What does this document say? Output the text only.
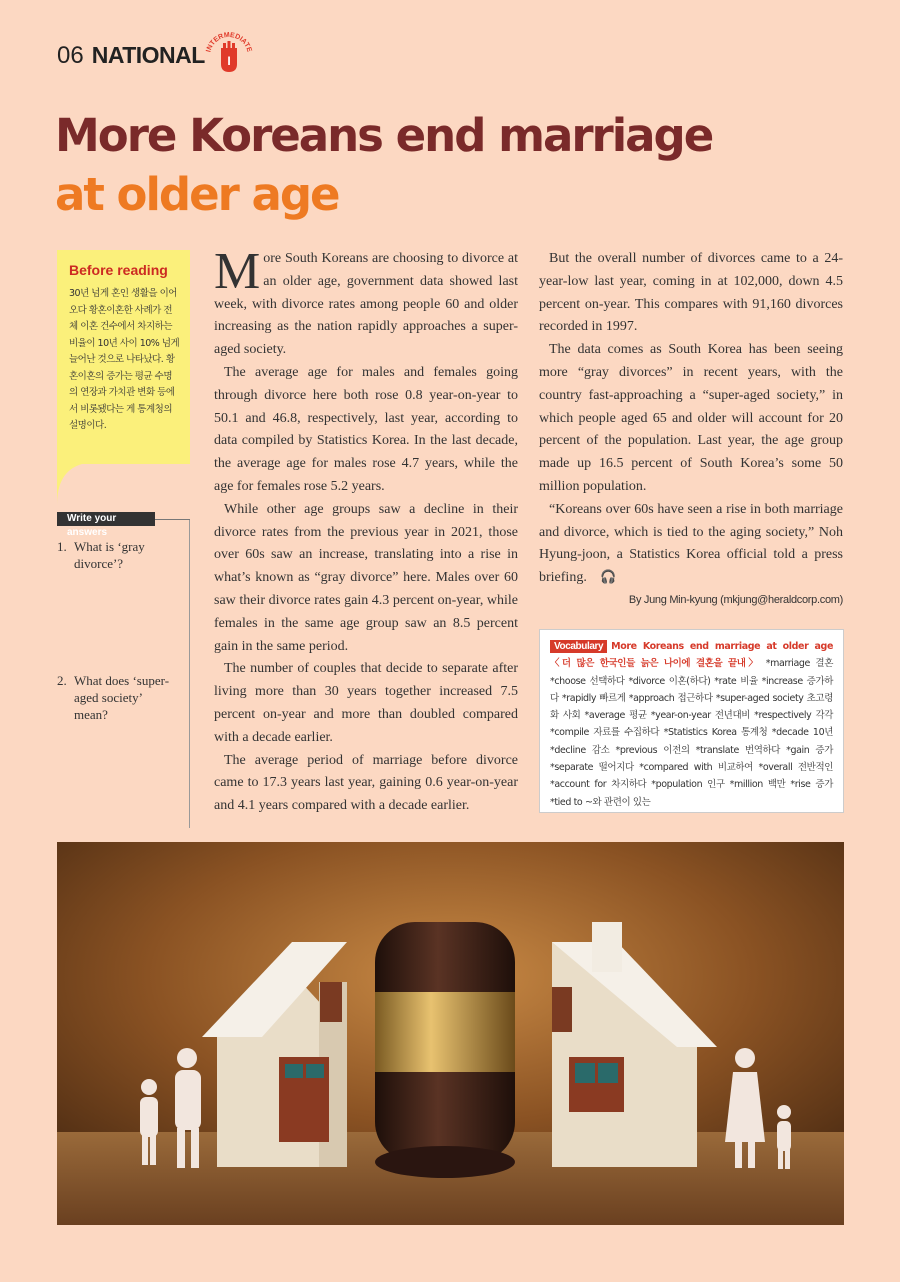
06 NATIONAL INTERMEDIATE
I
More Koreans end marriage
at older age
Before reading

30년 넘게 혼인 생활을 이어오다 황혼이혼한 사례가 전체 이혼 건수에서 차지하는 비율이 10년 사이 10% 넘게 늘어난 것으로 나타났다. 황혼이혼의 증가는 평균 수명의 연장과 가치관 변화 등에서 비롯됐다는 게 통계청의 설명이다.

Write your answers
1. What is ‘gray divorce’?
2. What does ‘super-aged society’ mean?

More South Koreans are choosing to divorce at an older age, government data showed last week, with divorce rates among people 60 and older increasing as the nation rapidly approaches a super-aged society.

The average age for males and females going through divorce here both rose 0.8 year-on-year to 50.1 and 46.8, respectively, last year, according to data compiled by Statistics Korea. In the last decade, the average age for males rose 4.7 years, while the age for females rose 5.2 years.

While other age groups saw a decline in their divorce rates from the previous year in 2021, those over 60s saw an increase, translating into a rise in what’s known as “gray divorce” here. Males over 60 saw their divorce rates gain 4.3 percent on-year, while females in the same age group saw an 8.5 percent gain in the same period.

The number of couples that decide to separate after living more than 30 years together increased 7.5 percent on-year and more than doubled compared with a decade earlier.

The average period of marriage before divorce came to 17.3 years last year, gaining 0.6 year-on-year and 4.1 years compared with a decade earlier.

But the overall number of divorces came to a 24-year-low last year, coming in at 102,000, down 4.5 percent on-year. This compares with 91,160 divorces recorded in 1997.

The data comes as South Korea has been seeing more “gray divorces” in recent years, with the country fast-approaching a “super-aged society,” in which people aged 65 and older will account for 20 percent of the population. Last year, the age group made up 16.5 percent of South Korea’s some 50 million population.

“Koreans over 60s have seen a rise in both marriage and divorce, which is tied to the aging society,” Noh Hyung-joon, a Statistics Korea official told a press briefing. 🎧

By Jung Min-kyung (mkjung@heraldcorp.com)
Vocabulary More Koreans end marriage at older age 〈더 많은 한국인들 늙은 나이에 결혼을 끝내〉 *marriage 결혼 *choose 선택하다 *divorce 이혼(하다) *rate 비율 *increase 증가하다 *rapidly 빠르게 *approach 접근하다 *super-aged society 초고령화 사회 *average 평균 *year-on-year 전년대비 *respectively 각각 *compile 자료를 수집하다 *Statistics Korea 통계청 *decade 10년 *decline 감소 *previous 이전의 *translate 번역하다 *gain 증가 *separate 떨어지다 *compared with 비교하여 *overall 전반적인 *account for 차지하다 *population 인구 *million 백만 *rise 증가 *tied to ~와 관련이 있는
